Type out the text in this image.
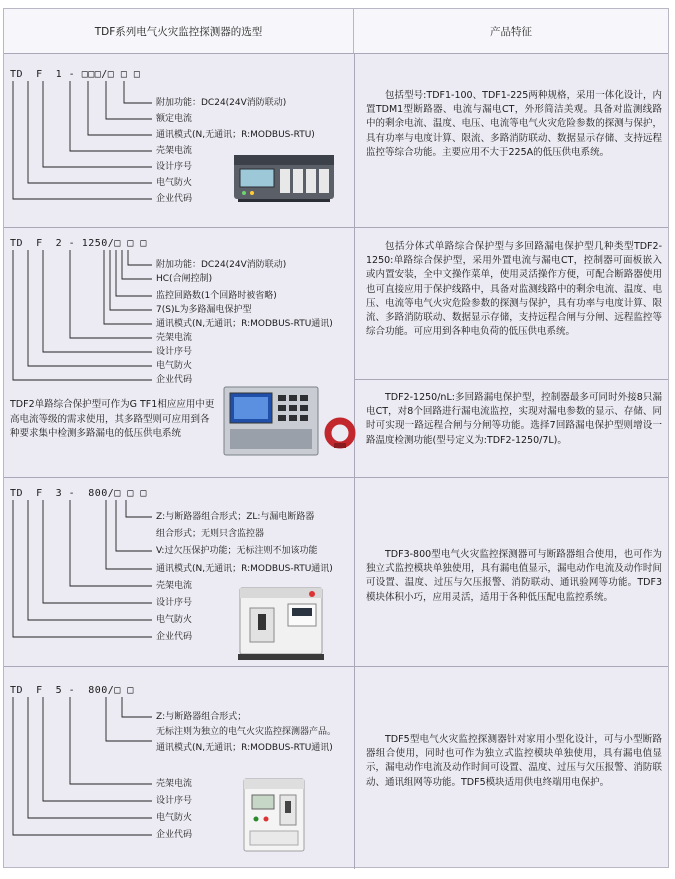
TDF系列电气火灾监控探测器的选型	产品特征
TD  F  1 - □□□/□ □ □
附加功能：DC24(24V消防联动)
额定电流
通讯模式(N,无通讯；R:MODBUS-RTU)
壳架电流
设计序号
电气防火
企业代码
包括型号:TDF1-100、TDF1-225两种规格，采用一体化设计，内置TDM1型断路器、电流与漏电CT，外形简洁美观。具备对监测线路中的剩余电流、温度、电压、电流等电气火灾危险参数的探测与保护，具有功率与电度计算、限流、多路消防联动、数据显示存储、支持远程监控等综合功能。主要应用不大于225A的低压供电系统。
TD  F  2 - 1250/□ □ □
附加功能：DC24(24V消防联动)
HC(合闸控制)
监控回路数(1个回路时被省略)
7(S)L为多路漏电保护型
通讯模式(N,无通讯；R:MODBUS-RTU通讯)
壳架电流
设计序号
电气防火
企业代码
TDF2单路综合保护型可作为G TF1相应应用中更高电流等级的需求使用，其多路型则可应用到各种要求集中检测多路漏电的低压供电系统
包括分体式单路综合保护型与多回路漏电保护型几种类型TDF2-1250:单路综合保护型，采用外置电流与漏电CT，控制器可面板嵌入或内置安装，全中文操作菜单，使用灵活操作方便，可配合断路器使用也可直接应用于保护线路中，具备对监测线路中的剩余电流、温度、电压、电流等电气火灾危险参数的探测与保护，具有功率与电度计算、限流、多路消防联动、数据显示存储，支持远程合闸与分闸、远程监控等综合功能。可应用到各种电负荷的低压供电系统。
TDF2-1250/nL:多回路漏电保护型，控制器最多可同时外接8只漏电CT，对8个回路进行漏电流监控，实现对漏电参数的显示、存储、同时可实现一路远程合闸与分闸等功能。选择7回路漏电保护型则增设一路温度检测功能(型号定义为:TDF2-1250/7L)。
TD  F  3 -  800/□ □ □
Z:与断路器组合形式；ZL:与漏电断路器
组合形式；无则只含监控器
V:过欠压保护功能；无标注则不加该功能
通讯模式(N,无通讯；R:MODBUS-RTU通讯)
壳架电流
设计序号
电气防火
企业代码
TDF3-800型电气火灾监控探测器可与断路器组合使用，也可作为独立式监控模块单独使用，具有漏电值显示，漏电动作电流及动作时间可设置、温度、过压与欠压报警、消防联动、通讯验网等功能。TDF3模块体积小巧，应用灵活，适用于各种低压配电监控系统。
TD  F  5 -  800/□ □
Z:与断路器组合形式；
无标注则为独立的电气火灾监控探测器产品。
通讯模式(N,无通讯；R:MODBUS-RTU通讯)
壳架电流
设计序号
电气防火
企业代码
TDF5型电气火灾监控探测器针对家用小型化设计，可与小型断路器组合使用，同时也可作为独立式监控模块单独使用，具有漏电值显示，漏电动作电流及动作时间可设置、温度、过压与欠压报警、消防联动、通讯组网等功能。TDF5模块适用供电终端用电保护。
